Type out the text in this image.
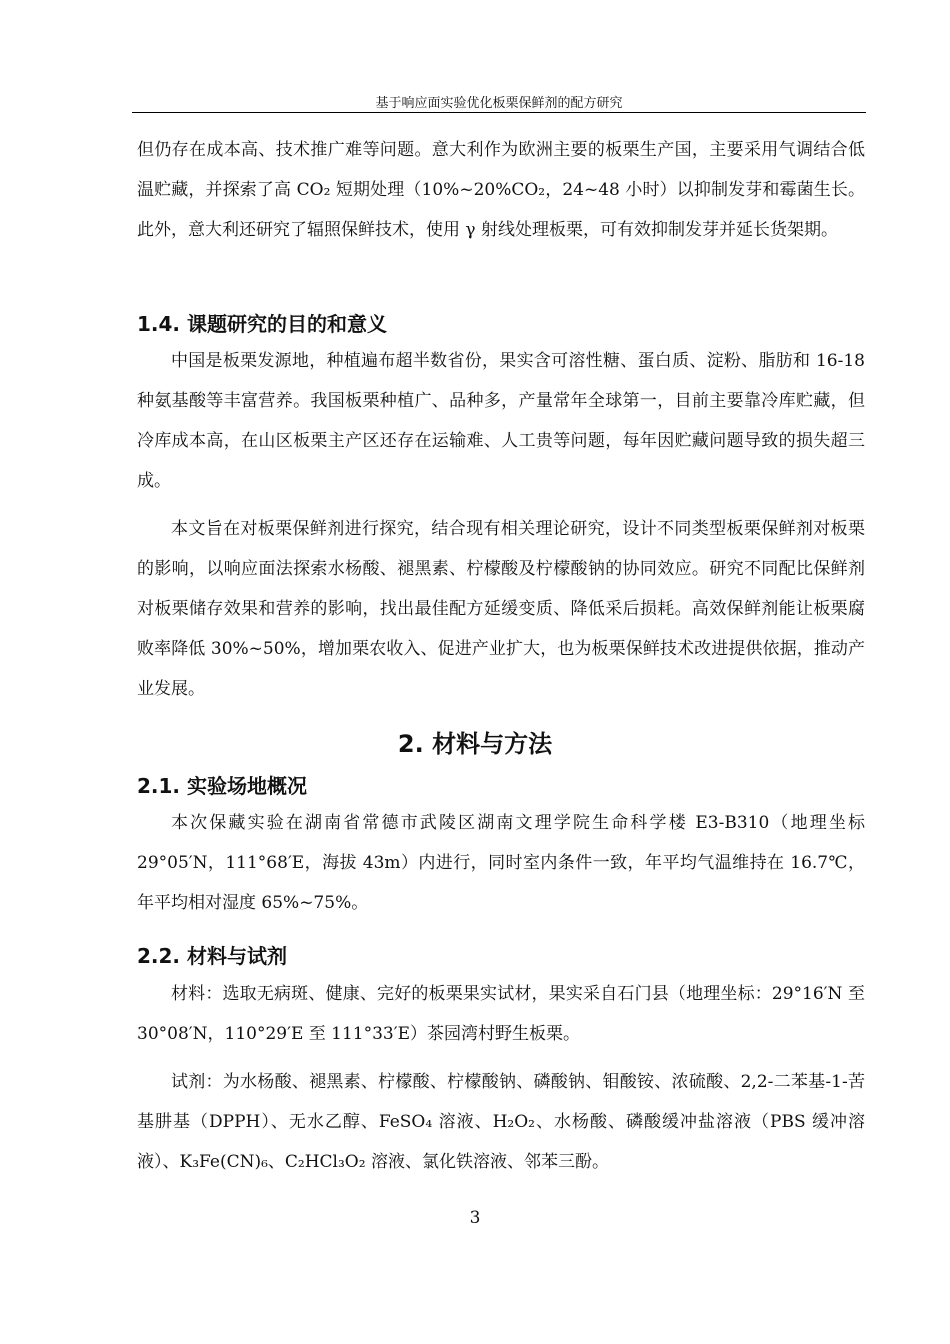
基于响应面实验优化板栗保鲜剂的配方研究

但仍存在成本高、技术推广难等问题。意大利作为欧洲主要的板栗生产国，主要采用气调结合低温贮藏，并探索了高 CO₂ 短期处理（10%~20%CO₂，24~48 小时）以抑制发芽和霉菌生长。此外，意大利还研究了辐照保鲜技术，使用 γ 射线处理板栗，可有效抑制发芽并延长货架期。

1.4. 课题研究的目的和意义

中国是板栗发源地，种植遍布超半数省份，果实含可溶性糖、蛋白质、淀粉、脂肪和 16-18 种氨基酸等丰富营养。我国板栗种植广、品种多，产量常年全球第一，目前主要靠冷库贮藏，但冷库成本高，在山区板栗主产区还存在运输难、人工贵等问题，每年因贮藏问题导致的损失超三成。

本文旨在对板栗保鲜剂进行探究，结合现有相关理论研究，设计不同类型板栗保鲜剂对板栗的影响，以响应面法探索水杨酸、褪黑素、柠檬酸及柠檬酸钠的协同效应。研究不同配比保鲜剂对板栗储存效果和营养的影响，找出最佳配方延缓变质、降低采后损耗。高效保鲜剂能让板栗腐败率降低 30%~50%，增加栗农收入、促进产业扩大，也为板栗保鲜技术改进提供依据，推动产业发展。

2. 材料与方法
2.1. 实验场地概况

本次保藏实验在湖南省常德市武陵区湖南文理学院生命科学楼 E3-B310（地理坐标 29°05′N，111°68′E，海拔 43m）内进行，同时室内条件一致，年平均气温维持在 16.7℃，年平均相对湿度 65%~75%。

2.2. 材料与试剂

材料：选取无病斑、健康、完好的板栗果实试材，果实采自石门县（地理坐标：29°16′N 至 30°08′N，110°29′E 至 111°33′E）茶园湾村野生板栗。

试剂：为水杨酸、褪黑素、柠檬酸、柠檬酸钠、磷酸钠、钼酸铵、浓硫酸、2,2-二苯基-1-苦基肼基（DPPH）、无水乙醇、FeSO₄ 溶液、H₂O₂、水杨酸、磷酸缓冲盐溶液（PBS 缓冲溶液）、K₃Fe(CN)₆、C₂HCl₃O₂ 溶液、氯化铁溶液、邻苯三酚。

3
